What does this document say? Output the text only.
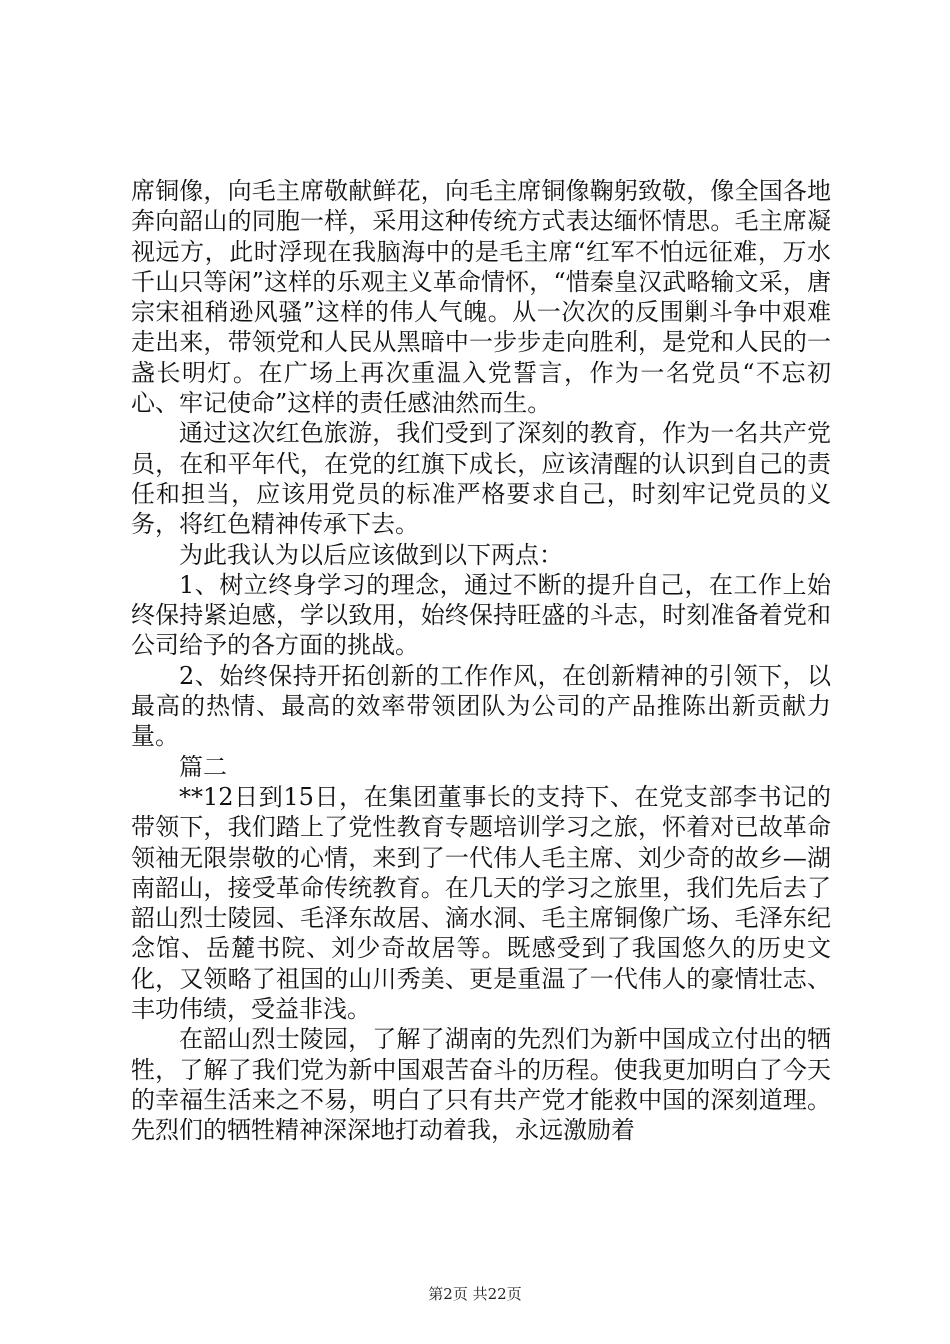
席铜像，向毛主席敬献鲜花，向毛主席铜像鞠躬致敬，像全国各地奔向韶山的同胞一样，采用这种传统方式表达缅怀情思。毛主席凝视远方，此时浮现在我脑海中的是毛主席“红军不怕远征难，万水千山只等闲”这样的乐观主义革命情怀，“惜秦皇汉武略输文采，唐宗宋祖稍逊风骚”这样的伟人气魄。从一次次的反围剿斗争中艰难走出来，带领党和人民从黑暗中一步步走向胜利，是党和人民的一盏长明灯。在广场上再次重温入党誓言，作为一名党员“不忘初心、牢记使命”这样的责任感油然而生。

通过这次红色旅游，我们受到了深刻的教育，作为一名共产党员，在和平年代，在党的红旗下成长，应该清醒的认识到自己的责任和担当，应该用党员的标准严格要求自己，时刻牢记党员的义务，将红色精神传承下去。

为此我认为以后应该做到以下两点：

1、树立终身学习的理念，通过不断的提升自己，在工作上始终保持紧迫感，学以致用，始终保持旺盛的斗志，时刻准备着党和公司给予的各方面的挑战。

2、始终保持开拓创新的工作作风，在创新精神的引领下，以最高的热情、最高的效率带领团队为公司的产品推陈出新贡献力量。

篇二

**12日到15日，在集团董事长的支持下、在党支部李书记的带领下，我们踏上了党性教育专题培训学习之旅，怀着对已故革命领袖无限崇敬的心情，来到了一代伟人毛主席、刘少奇的故乡—湖南韶山，接受革命传统教育。在几天的学习之旅里，我们先后去了韶山烈士陵园、毛泽东故居、滴水洞、毛主席铜像广场、毛泽东纪念馆、岳麓书院、刘少奇故居等。既感受到了我国悠久的历史文化，又领略了祖国的山川秀美、更是重温了一代伟人的豪情壮志、丰功伟绩，受益非浅。

在韶山烈士陵园，了解了湖南的先烈们为新中国成立付出的牺牲，了解了我们党为新中国艰苦奋斗的历程。使我更加明白了今天的幸福生活来之不易，明白了只有共产党才能救中国的深刻道理。先烈们的牺牲精神深深地打动着我，永远激励着

第2页 共22页
